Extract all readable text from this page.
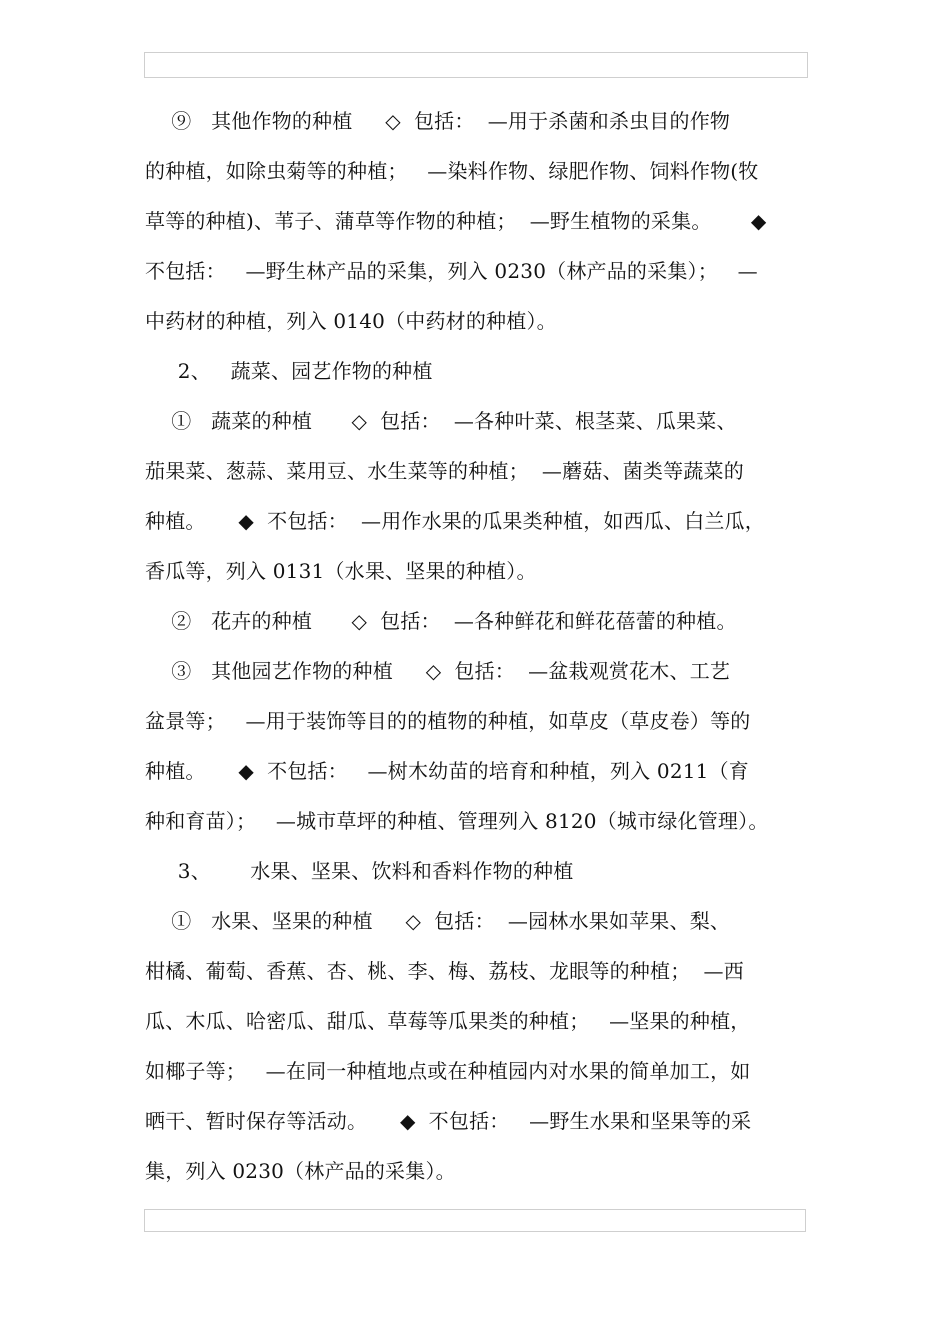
⑨   其他作物的种植     ◇  包括：  —用于杀菌和杀虫目的作物
的种植，如除虫菊等的种植；   —染料作物、绿肥作物、饲料作物(牧
草等的种植)、苇子、蒲草等作物的种植；  —野生植物的采集。      ◆
不包括：   —野生林产品的采集，列入 0230（林产品的采集）；   —
中药材的种植，列入 0140（中药材的种植）。
2、   蔬菜、园艺作物的种植
①   蔬菜的种植      ◇  包括：  —各种叶菜、根茎菜、瓜果菜、
茄果菜、葱蒜、菜用豆、水生菜等的种植；  —蘑菇、菌类等蔬菜的
种植。     ◆  不包括：  —用作水果的瓜果类种植，如西瓜、白兰瓜，
香瓜等，列入 0131（水果、坚果的种植）。
②   花卉的种植      ◇  包括：  —各种鲜花和鲜花蓓蕾的种植。
③   其他园艺作物的种植     ◇  包括：  —盆栽观赏花木、工艺
盆景等；   —用于装饰等目的的植物的种植，如草皮（草皮卷）等的
种植。     ◆  不包括：   —树木幼苗的培育和种植，列入 0211（育
种和育苗）；   —城市草坪的种植、管理列入 8120（城市绿化管理）。
3、      水果、坚果、饮料和香料作物的种植
①   水果、坚果的种植     ◇  包括：  —园林水果如苹果、梨、
柑橘、葡萄、香蕉、杏、桃、李、梅、荔枝、龙眼等的种植；  —西
瓜、木瓜、哈密瓜、甜瓜、草莓等瓜果类的种植；   —坚果的种植，
如椰子等；   —在同一种植地点或在种植园内对水果的简单加工，如
晒干、暂时保存等活动。     ◆  不包括：   —野生水果和坚果等的采
集，列入 0230（林产品的采集）。
